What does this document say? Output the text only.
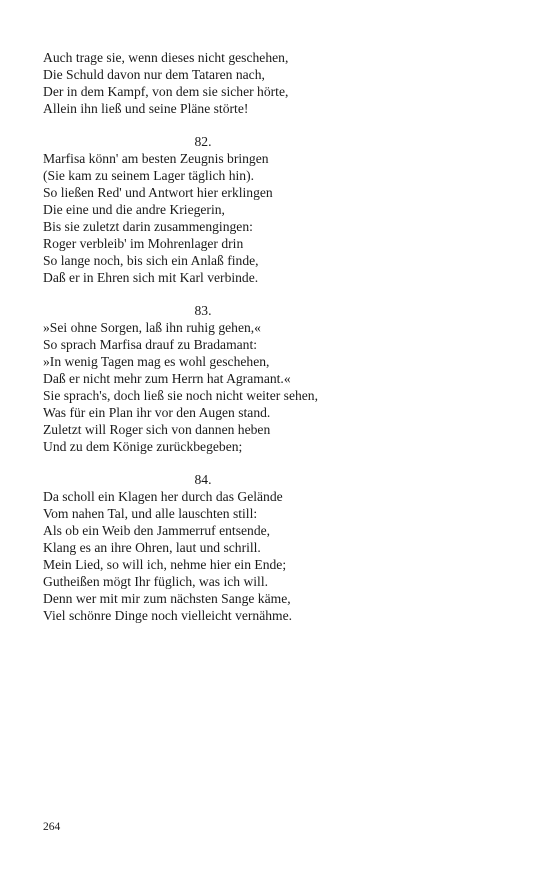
Auch trage sie, wenn dieses nicht geschehen,
Die Schuld davon nur dem Tataren nach,
Der in dem Kampf, von dem sie sicher hörte,
Allein ihn ließ und seine Pläne störte!
82.
Marfisa könn' am besten Zeugnis bringen
(Sie kam zu seinem Lager täglich hin).
So ließen Red' und Antwort hier erklingen
Die eine und die andre Kriegerin,
Bis sie zuletzt darin zusammengingen:
Roger verbleib' im Mohrenlager drin
So lange noch, bis sich ein Anlaß finde,
Daß er in Ehren sich mit Karl verbinde.
83.
»Sei ohne Sorgen, laß ihn ruhig gehen,«
So sprach Marfisa drauf zu Bradamant:
»In wenig Tagen mag es wohl geschehen,
Daß er nicht mehr zum Herrn hat Agramant.«
Sie sprach's, doch ließ sie noch nicht weiter sehen,
Was für ein Plan ihr vor den Augen stand.
Zuletzt will Roger sich von dannen heben
Und zu dem Könige zurückbegeben;
84.
Da scholl ein Klagen her durch das Gelände
Vom nahen Tal, und alle lauschten still:
Als ob ein Weib den Jammerruf entsende,
Klang es an ihre Ohren, laut und schrill.
Mein Lied, so will ich, nehme hier ein Ende;
Gutheißen mögt Ihr füglich, was ich will.
Denn wer mit mir zum nächsten Sange käme,
Viel schönre Dinge noch vielleicht vernähme.
264
